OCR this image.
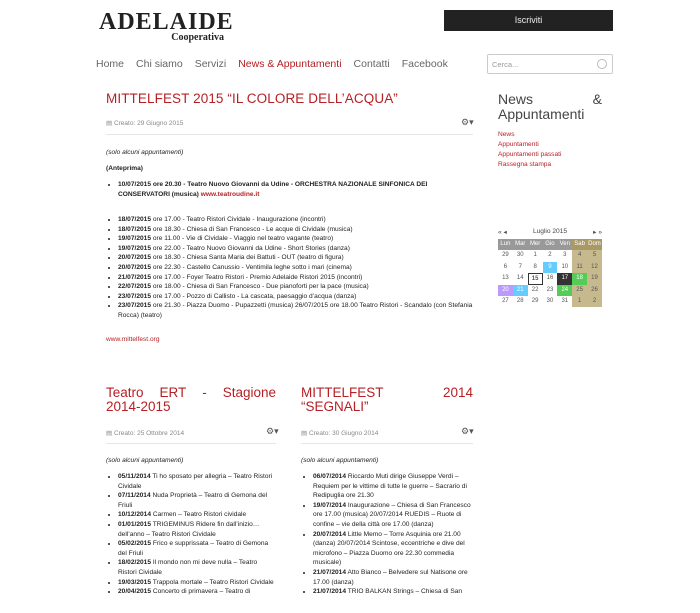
ADELAIDE
Cooperativa
Iscriviti
Home Chi siamo Servizi News & Appuntamenti Contatti Facebook	Cerca...
MITTELFEST 2015 “IL COLORE DELL’ACQUA”
▤ Creato: 29 Giugno 2015	⚙▾
(solo alcuni appuntamenti)
(Anteprima)
• 10/07/2015 ore 20.30 - Teatro Nuovo Giovanni da Udine - ORCHESTRA NAZIONALE SINFONICA DEI CONSERVATORI (musica) www.teatroudine.it
• 18/07/2015 ore 17.00 - Teatro Ristori Cividale - Inaugurazione (incontri)
• 18/07/2015 ore 18.30 - Chiesa di San Francesco - Le acque di Cividale (musica)
• 19/07/2015 ore 11.00 - Vie di Cividale - Viaggio nel teatro vagante (teatro)
• 19/07/2015 ore 22.00 - Teatro Nuovo Giovanni da Udine - Short Stories (danza)
• 20/07/2015 ore 18.30 - Chiesa Santa Maria dei Battuti - OUT (teatro di figura)
• 20/07/2015 ore 22.30 - Castello Canussio - Ventimila leghe sotto i mari (cinema)
• 21/07/2015 ore 17.00 - Foyer Teatro Ristori - Premio Adelaide Ristori 2015 (incontri)
• 22/07/2015 ore 18.00 - Chiesa di San Francesco - Due pianoforti per la pace (musica)
• 23/07/2015 ore 17.00 - Pozzo di Callisto - La cascata, paesaggio d’acqua (danza)
• 23/07/2015 ore 21.30 - Piazza Duomo - Pupazzetti (musica) 26/07/2015 ore 18.00 Teatro Ristori - Scandalo (con Stefania Rocca) (teatro)
www.mittelfest.org
Teatro ERT - Stagione
2014-2015
▤ Creato: 25 Ottobre 2014	⚙▾
(solo alcuni appuntamenti)
• 05/11/2014 Ti ho sposato per allegria – Teatro Ristori Cividale
• 07/11/2014 Nuda Proprietà – Teatro di Gemona del Friuli
• 10/12/2014 Carmen – Teatro Ristori cividale
• 01/01/2015 TRIGEMINUS Ridere fin dall’inizio… dell’anno – Teatro Ristori Cividale
• 05/02/2015 Frico e supprissata – Teatro di Gemona del Friuli
• 18/02/2015 Il mondo non mi deve nulla – Teatro Ristori Cividale
• 19/03/2015 Trappola mortale – Teatro Ristori Cividale
• 20/04/2015 Concerto di primavera – Teatro di
MITTELFEST	2014
“SEGNALI”
▤ Creato: 30 Giugno 2014	⚙▾
(solo alcuni appuntamenti)
• 06/07/2014 Riccardo Muti dirige Giuseppe Verdi – Requiem per le vittime di tutte le guerre – Sacrario di Redipuglia ore 21.30
• 19/07/2014 Inaugurazione – Chiesa di San Francesco ore 17.00 (musica) 20/07/2014 RUEDIS – Ruote di confine – vie della città ore 17.00 (danza)
• 20/07/2014 Little Memo – Torre Asquinia ore 21.00 (danza) 20/07/2014 Scintose, eccentriche e dive del microfono – Piazza Duomo ore 22.30 commedia musicale)
• 21/07/2014 Atto Bianco – Belvedere sul Natisone ore 17.00 (danza)
• 21/07/2014 TRIO BALKAN Strings – Chiesa di San
News	&
Appuntamenti
News
Appuntamenti
Appuntamenti passati
Rassegna stampa
« ◂	Luglio 2015	▸ »
Lun Mar Mer Gio Ven Sab Dom
29	30	1	2	3	4	5
6	7	8	9	10	11	12
13	14	15	16	17	18	19
20	21	22	23	24	25	26
27	28	29	30	31	1	2
